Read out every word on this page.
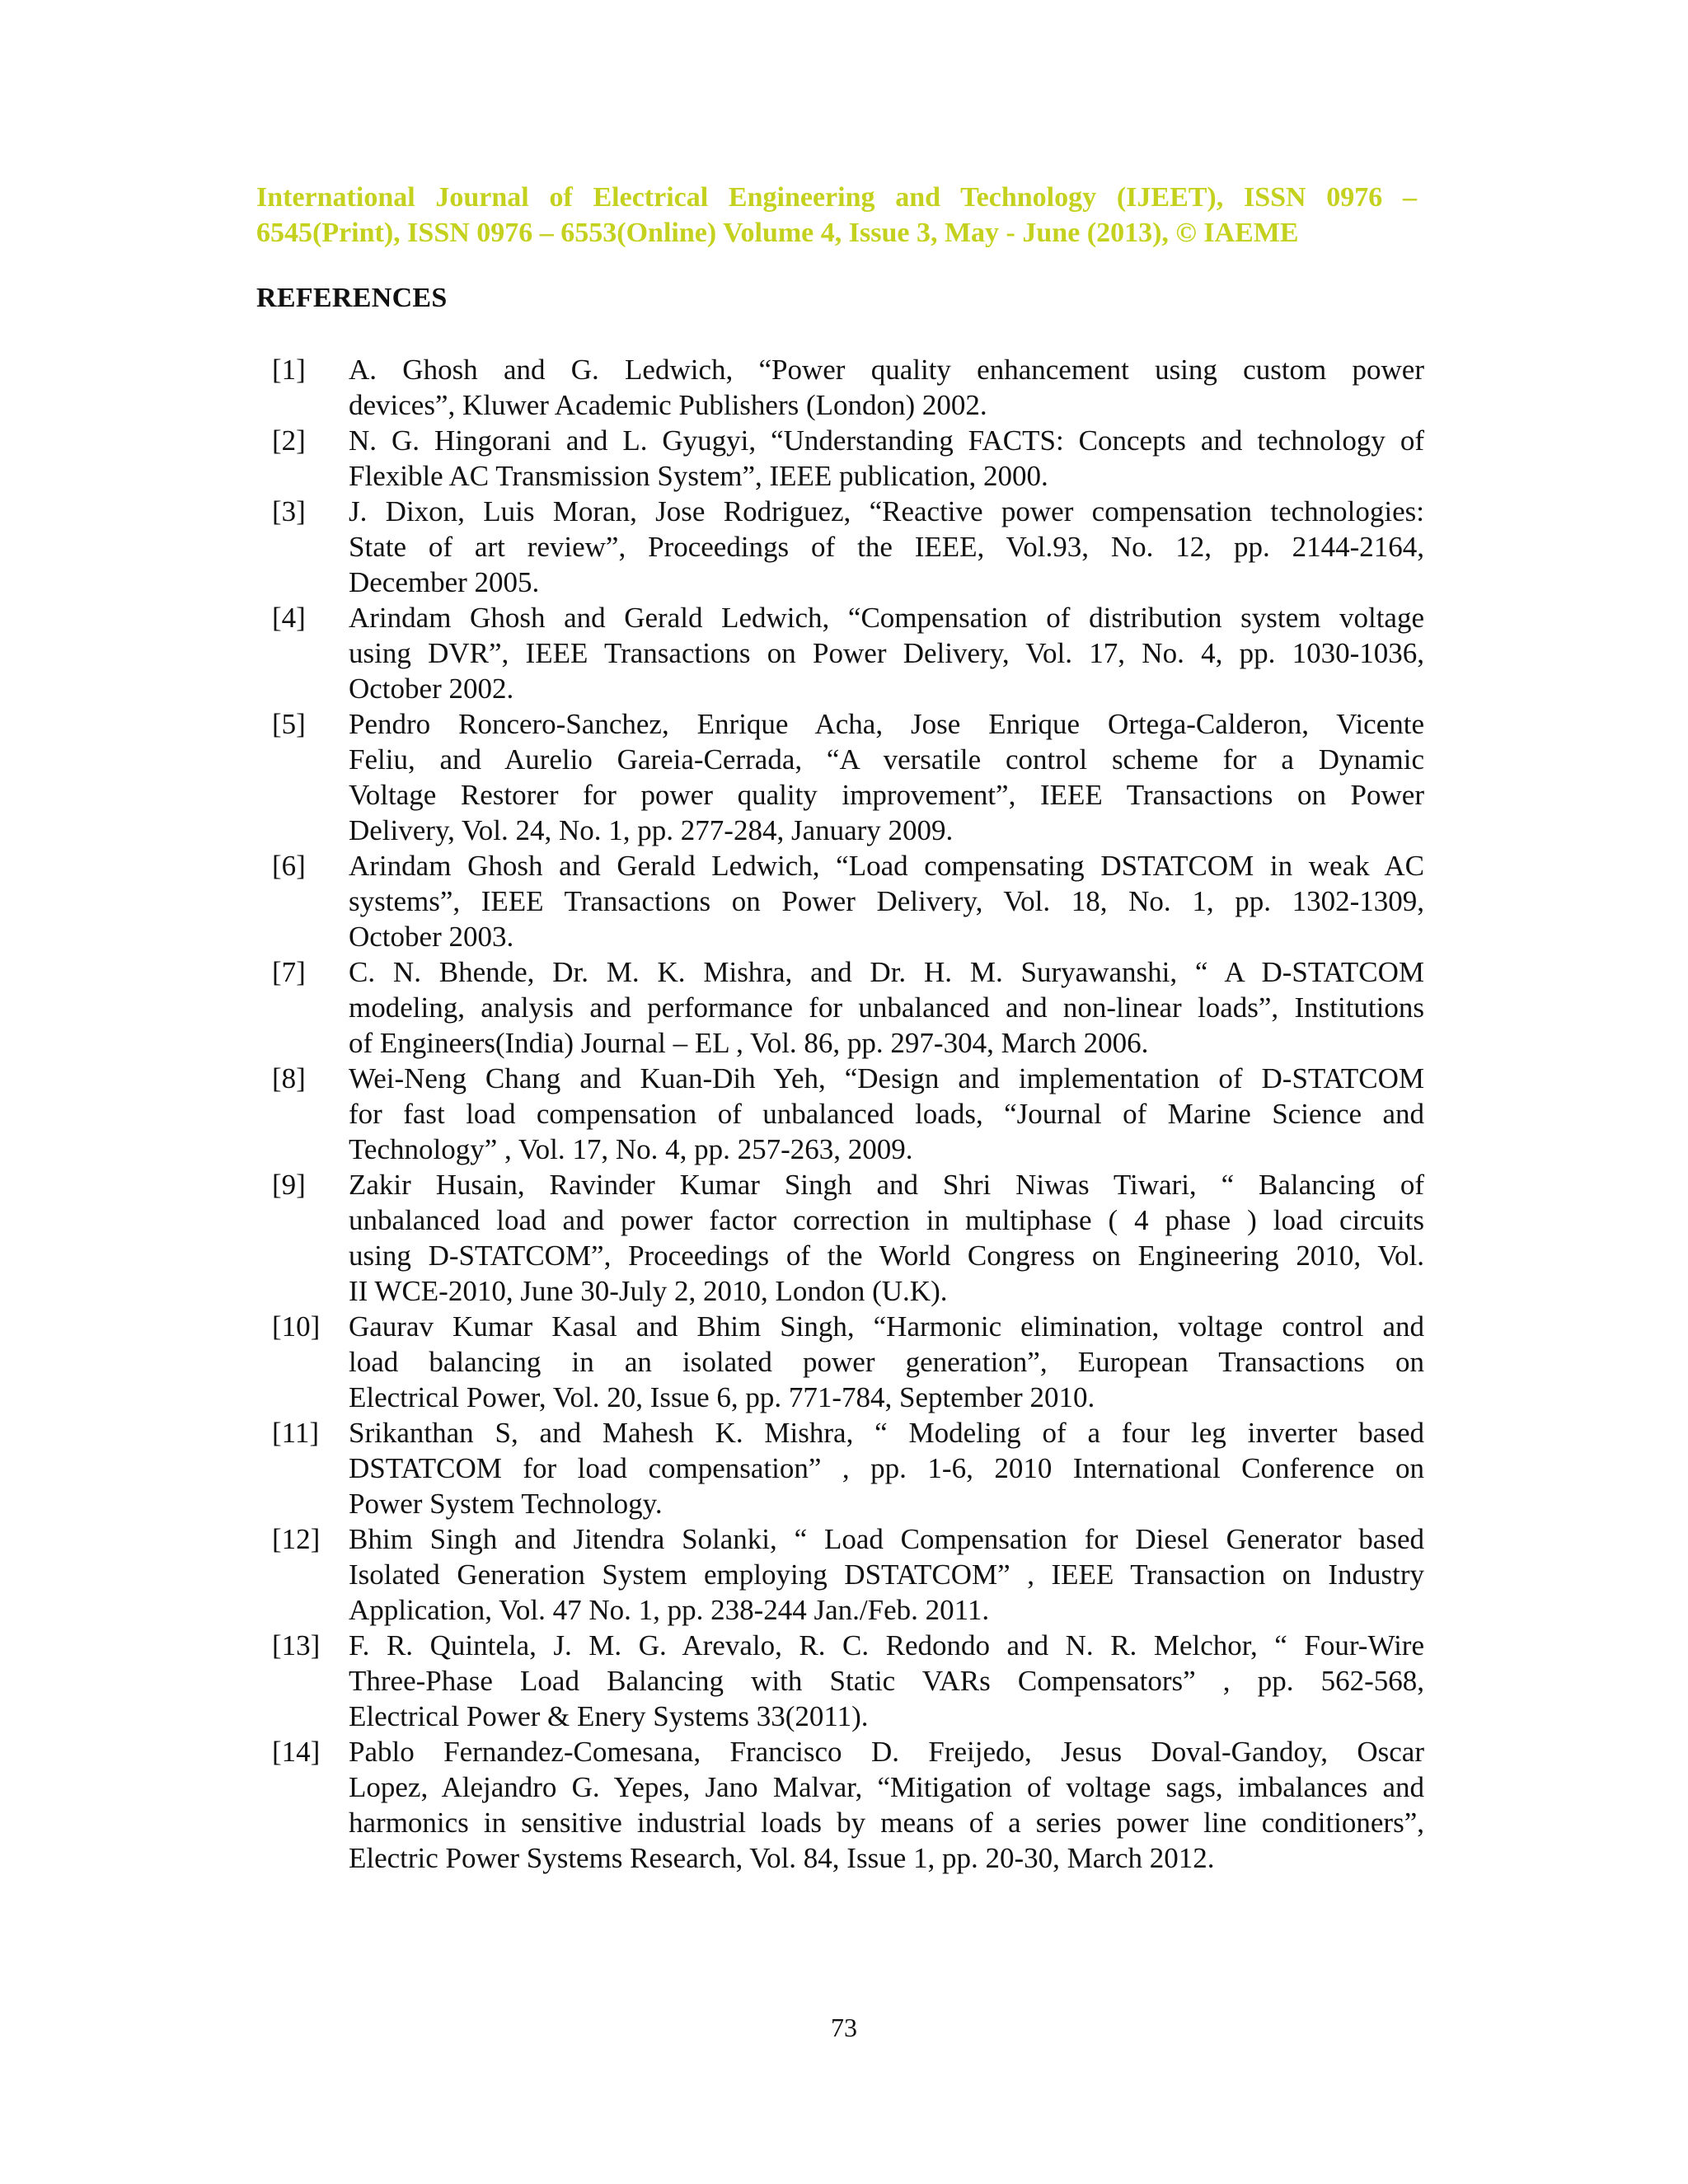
International Journal of Electrical Engineering and Technology (IJEET), ISSN 0976 –
6545(Print), ISSN 0976 – 6553(Online) Volume 4, Issue 3, May - June (2013), © IAEME
REFERENCES
[1] A. Ghosh and G. Ledwich, “Power quality enhancement using custom power
devices”, Kluwer Academic Publishers (London) 2002.
[2] N. G. Hingorani and L. Gyugyi, “Understanding FACTS: Concepts and technology of
Flexible AC Transmission System”, IEEE publication, 2000.
[3] J. Dixon, Luis Moran, Jose Rodriguez, “Reactive power compensation technologies:
State of art review”, Proceedings of the IEEE, Vol.93, No. 12, pp. 2144-2164,
December 2005.
[4] Arindam Ghosh and Gerald Ledwich, “Compensation of distribution system voltage
using DVR”, IEEE Transactions on Power Delivery, Vol. 17, No. 4, pp. 1030-1036,
October 2002.
[5] Pendro Roncero-Sanchez, Enrique Acha, Jose Enrique Ortega-Calderon, Vicente
Feliu, and Aurelio Gareia-Cerrada, “A versatile control scheme for a Dynamic
Voltage Restorer for power quality improvement”, IEEE Transactions on Power
Delivery, Vol. 24, No. 1, pp. 277-284, January 2009.
[6] Arindam Ghosh and Gerald Ledwich, “Load compensating DSTATCOM in weak AC
systems”, IEEE Transactions on Power Delivery, Vol. 18, No. 1, pp. 1302-1309,
October 2003.
[7] C. N. Bhende, Dr. M. K. Mishra, and Dr. H. M. Suryawanshi, “ A D-STATCOM
modeling, analysis and performance for unbalanced and non-linear loads”, Institutions
of Engineers(India) Journal – EL , Vol. 86, pp. 297-304, March 2006.
[8] Wei-Neng Chang and Kuan-Dih Yeh, “Design and implementation of D-STATCOM
for fast load compensation of unbalanced loads, “Journal of Marine Science and
Technology” , Vol. 17, No. 4, pp. 257-263, 2009.
[9] Zakir Husain, Ravinder Kumar Singh and Shri Niwas Tiwari, “ Balancing of
unbalanced load and power factor correction in multiphase ( 4 phase ) load circuits
using D-STATCOM”, Proceedings of the World Congress on Engineering 2010, Vol.
II WCE-2010, June 30-July 2, 2010, London (U.K).
[10] Gaurav Kumar Kasal and Bhim Singh, “Harmonic elimination, voltage control and
load balancing in an isolated power generation”, European Transactions on
Electrical Power, Vol. 20, Issue 6, pp. 771-784, September 2010.
[11] Srikanthan S, and Mahesh K. Mishra, “ Modeling of a four leg inverter based
DSTATCOM for load compensation” , pp. 1-6, 2010 International Conference on
Power System Technology.
[12] Bhim Singh and Jitendra Solanki, “ Load Compensation for Diesel Generator based
Isolated Generation System employing DSTATCOM” , IEEE Transaction on Industry
Application, Vol. 47 No. 1, pp. 238-244 Jan./Feb. 2011.
[13] F. R. Quintela, J. M. G. Arevalo, R. C. Redondo and N. R. Melchor, “ Four-Wire
Three-Phase Load Balancing with Static VARs Compensators” , pp. 562-568,
Electrical Power & Enery Systems 33(2011).
[14] Pablo Fernandez-Comesana, Francisco D. Freijedo, Jesus Doval-Gandoy, Oscar
Lopez, Alejandro G. Yepes, Jano Malvar, “Mitigation of voltage sags, imbalances and
harmonics in sensitive industrial loads by means of a series power line conditioners”,
Electric Power Systems Research, Vol. 84, Issue 1, pp. 20-30, March 2012.
73
